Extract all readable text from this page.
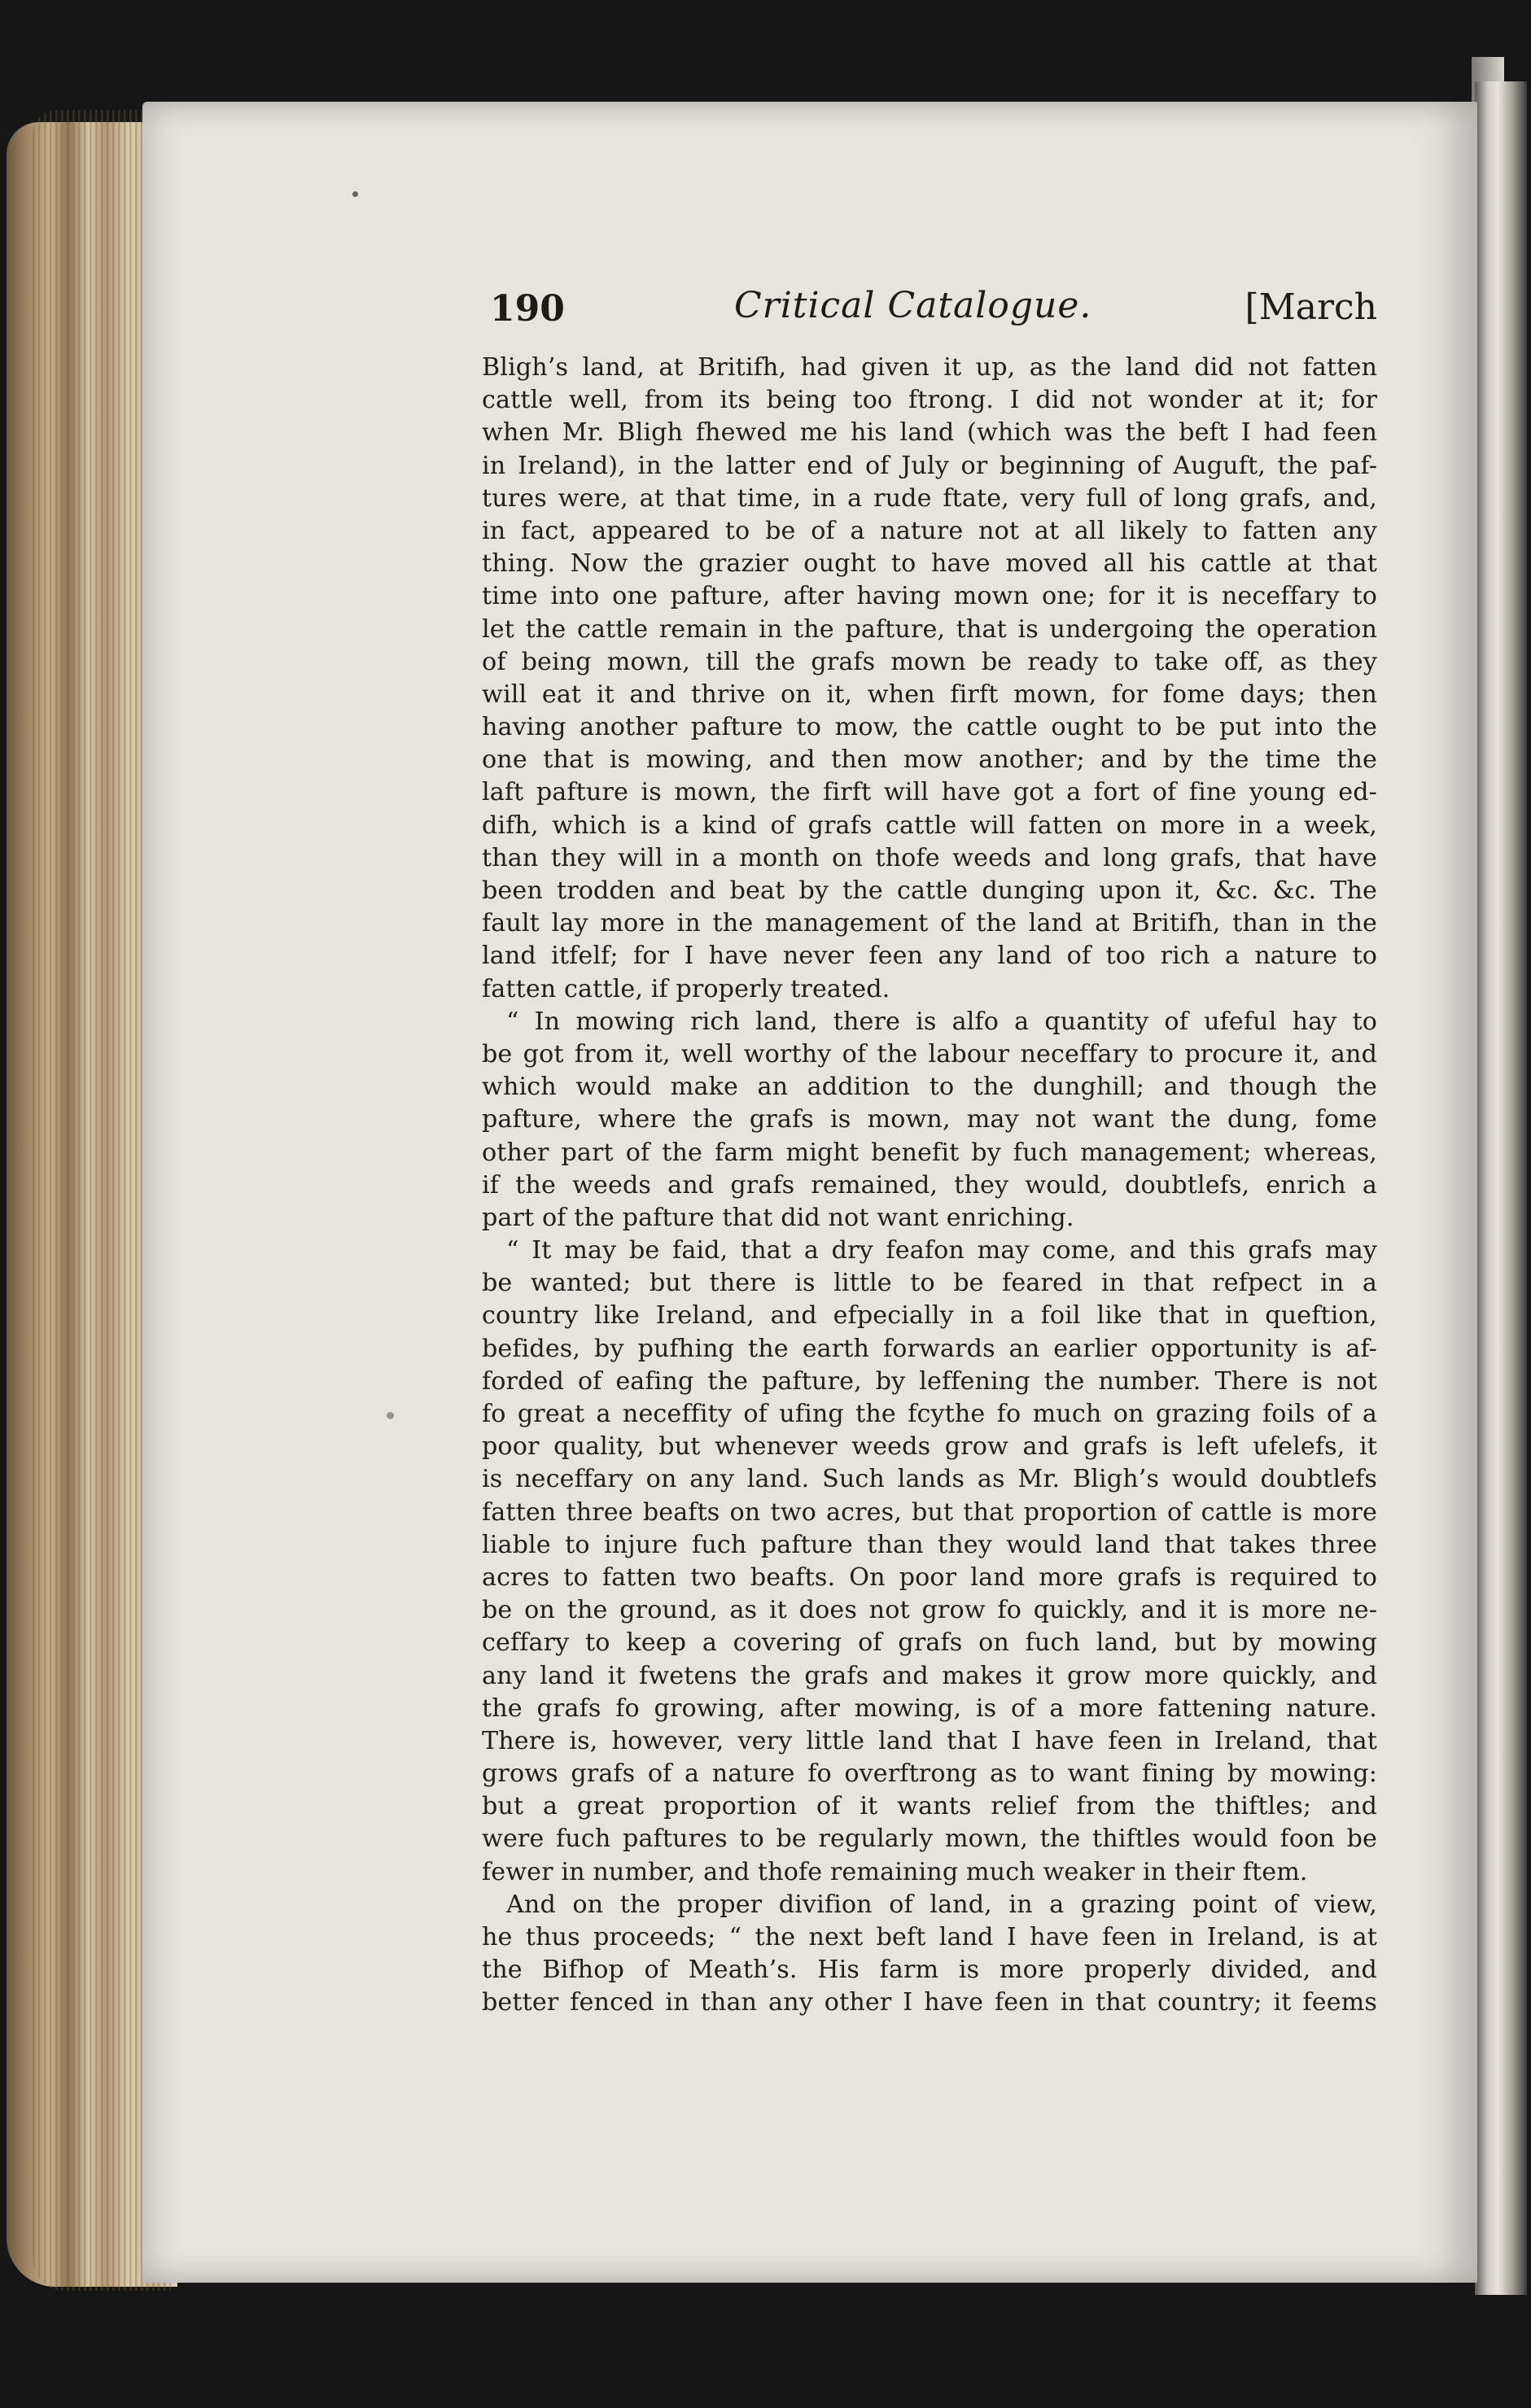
190	Critical Catalogue.	[March
Bligh’s land, at Britifh, had given it up, as the land did not fatten
cattle well, from its being too ftrong. I did not wonder at it; for
when Mr. Bligh fhewed me his land (which was the beft I had feen
in Ireland), in the latter end of July or beginning of Auguft, the paf-
tures were, at that time, in a rude ftate, very full of long grafs, and,
in fact, appeared to be of a nature not at all likely to fatten any
thing. Now the grazier ought to have moved all his cattle at that
time into one pafture, after having mown one; for it is neceffary to
let the cattle remain in the pafture, that is undergoing the operation
of being mown, till the grafs mown be ready to take off, as they
will eat it and thrive on it, when firft mown, for fome days; then
having another pafture to mow, the cattle ought to be put into the
one that is mowing, and then mow another; and by the time the
laft pafture is mown, the firft will have got a fort of fine young ed-
difh, which is a kind of grafs cattle will fatten on more in a week,
than they will in a month on thofe weeds and long grafs, that have
been trodden and beat by the cattle dunging upon it, &c. &c. The
fault lay more in the management of the land at Britifh, than in the
land itfelf; for I have never feen any land of too rich a nature to
fatten cattle, if properly treated.
“ In mowing rich land, there is alfo a quantity of ufeful hay to
be got from it, well worthy of the labour neceffary to procure it, and
which would make an addition to the dunghill; and though the
pafture, where the grafs is mown, may not want the dung, fome
other part of the farm might benefit by fuch management; whereas,
if the weeds and grafs remained, they would, doubtlefs, enrich a
part of the pafture that did not want enriching.
“ It may be faid, that a dry feafon may come, and this grafs may
be wanted; but there is little to be feared in that refpect in a
country like Ireland, and efpecially in a foil like that in queftion,
befides, by pufhing the earth forwards an earlier opportunity is af-
forded of eafing the pafture, by leffening the number. There is not
fo great a neceffity of ufing the fcythe fo much on grazing foils of a
poor quality, but whenever weeds grow and grafs is left ufelefs, it
is neceffary on any land. Such lands as Mr. Bligh’s would doubtlefs
fatten three beafts on two acres, but that proportion of cattle is more
liable to injure fuch pafture than they would land that takes three
acres to fatten two beafts. On poor land more grafs is required to
be on the ground, as it does not grow fo quickly, and it is more ne-
ceffary to keep a covering of grafs on fuch land, but by mowing
any land it fwetens the grafs and makes it grow more quickly, and
the grafs fo growing, after mowing, is of a more fattening nature.
There is, however, very little land that I have feen in Ireland, that
grows grafs of a nature fo overftrong as to want fining by mowing:
but a great proportion of it wants relief from the thiftles; and
were fuch paftures to be regularly mown, the thiftles would foon be
fewer in number, and thofe remaining much weaker in their ftem.
And on the proper divifion of land, in a grazing point of view,
he thus proceeds; “ the next beft land I have feen in Ireland, is at
the Bifhop of Meath’s. His farm is more properly divided, and
better fenced in than any other I have feen in that country; it feems
